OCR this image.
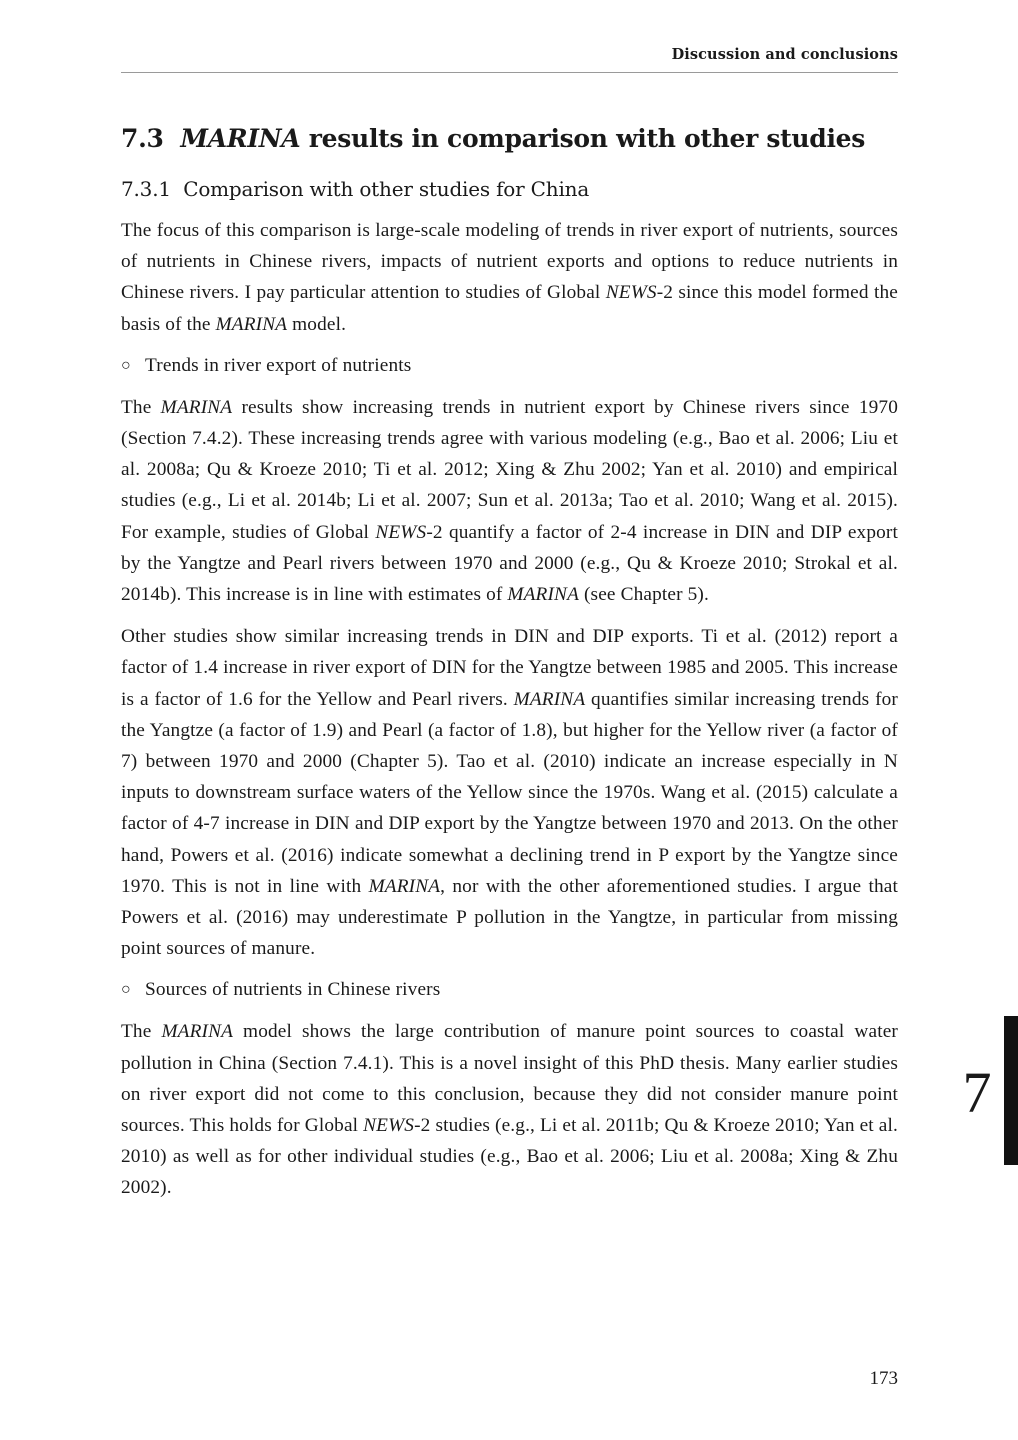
Discussion and conclusions
7.3 MARINA results in comparison with other studies
7.3.1 Comparison with other studies for China

The focus of this comparison is large-scale modeling of trends in river export of nutrients, sources of nutrients in Chinese rivers, impacts of nutrient exports and options to reduce nutrients in Chinese rivers. I pay particular attention to studies of Global NEWS-2 since this model formed the basis of the MARINA model.

○ Trends in river export of nutrients

The MARINA results show increasing trends in nutrient export by Chinese rivers since 1970 (Section 7.4.2). These increasing trends agree with various modeling (e.g., Bao et al. 2006; Liu et al. 2008a; Qu & Kroeze 2010; Ti et al. 2012; Xing & Zhu 2002; Yan et al. 2010) and empirical studies (e.g., Li et al. 2014b; Li et al. 2007; Sun et al. 2013a; Tao et al. 2010; Wang et al. 2015). For example, studies of Global NEWS-2 quantify a factor of 2-4 increase in DIN and DIP export by the Yangtze and Pearl rivers between 1970 and 2000 (e.g., Qu & Kroeze 2010; Strokal et al. 2014b). This increase is in line with estimates of MARINA (see Chapter 5).

Other studies show similar increasing trends in DIN and DIP exports. Ti et al. (2012) report a factor of 1.4 increase in river export of DIN for the Yangtze between 1985 and 2005. This increase is a factor of 1.6 for the Yellow and Pearl rivers. MARINA quantifies similar increasing trends for the Yangtze (a factor of 1.9) and Pearl (a factor of 1.8), but higher for the Yellow river (a factor of 7) between 1970 and 2000 (Chapter 5). Tao et al. (2010) indicate an increase especially in N inputs to downstream surface waters of the Yellow since the 1970s. Wang et al. (2015) calculate a factor of 4-7 increase in DIN and DIP export by the Yangtze between 1970 and 2013. On the other hand, Powers et al. (2016) indicate somewhat a declining trend in P export by the Yangtze since 1970. This is not in line with MARINA, nor with the other aforementioned studies. I argue that Powers et al. (2016) may underestimate P pollution in the Yangtze, in particular from missing point sources of manure.

○ Sources of nutrients in Chinese rivers

The MARINA model shows the large contribution of manure point sources to coastal water pollution in China (Section 7.4.1). This is a novel insight of this PhD thesis. Many earlier studies on river export did not come to this conclusion, because they did not consider manure point sources. This holds for Global NEWS-2 studies (e.g., Li et al. 2011b; Qu & Kroeze 2010; Yan et al. 2010) as well as for other individual studies (e.g., Bao et al. 2006; Liu et al. 2008a; Xing & Zhu 2002).

7
173
